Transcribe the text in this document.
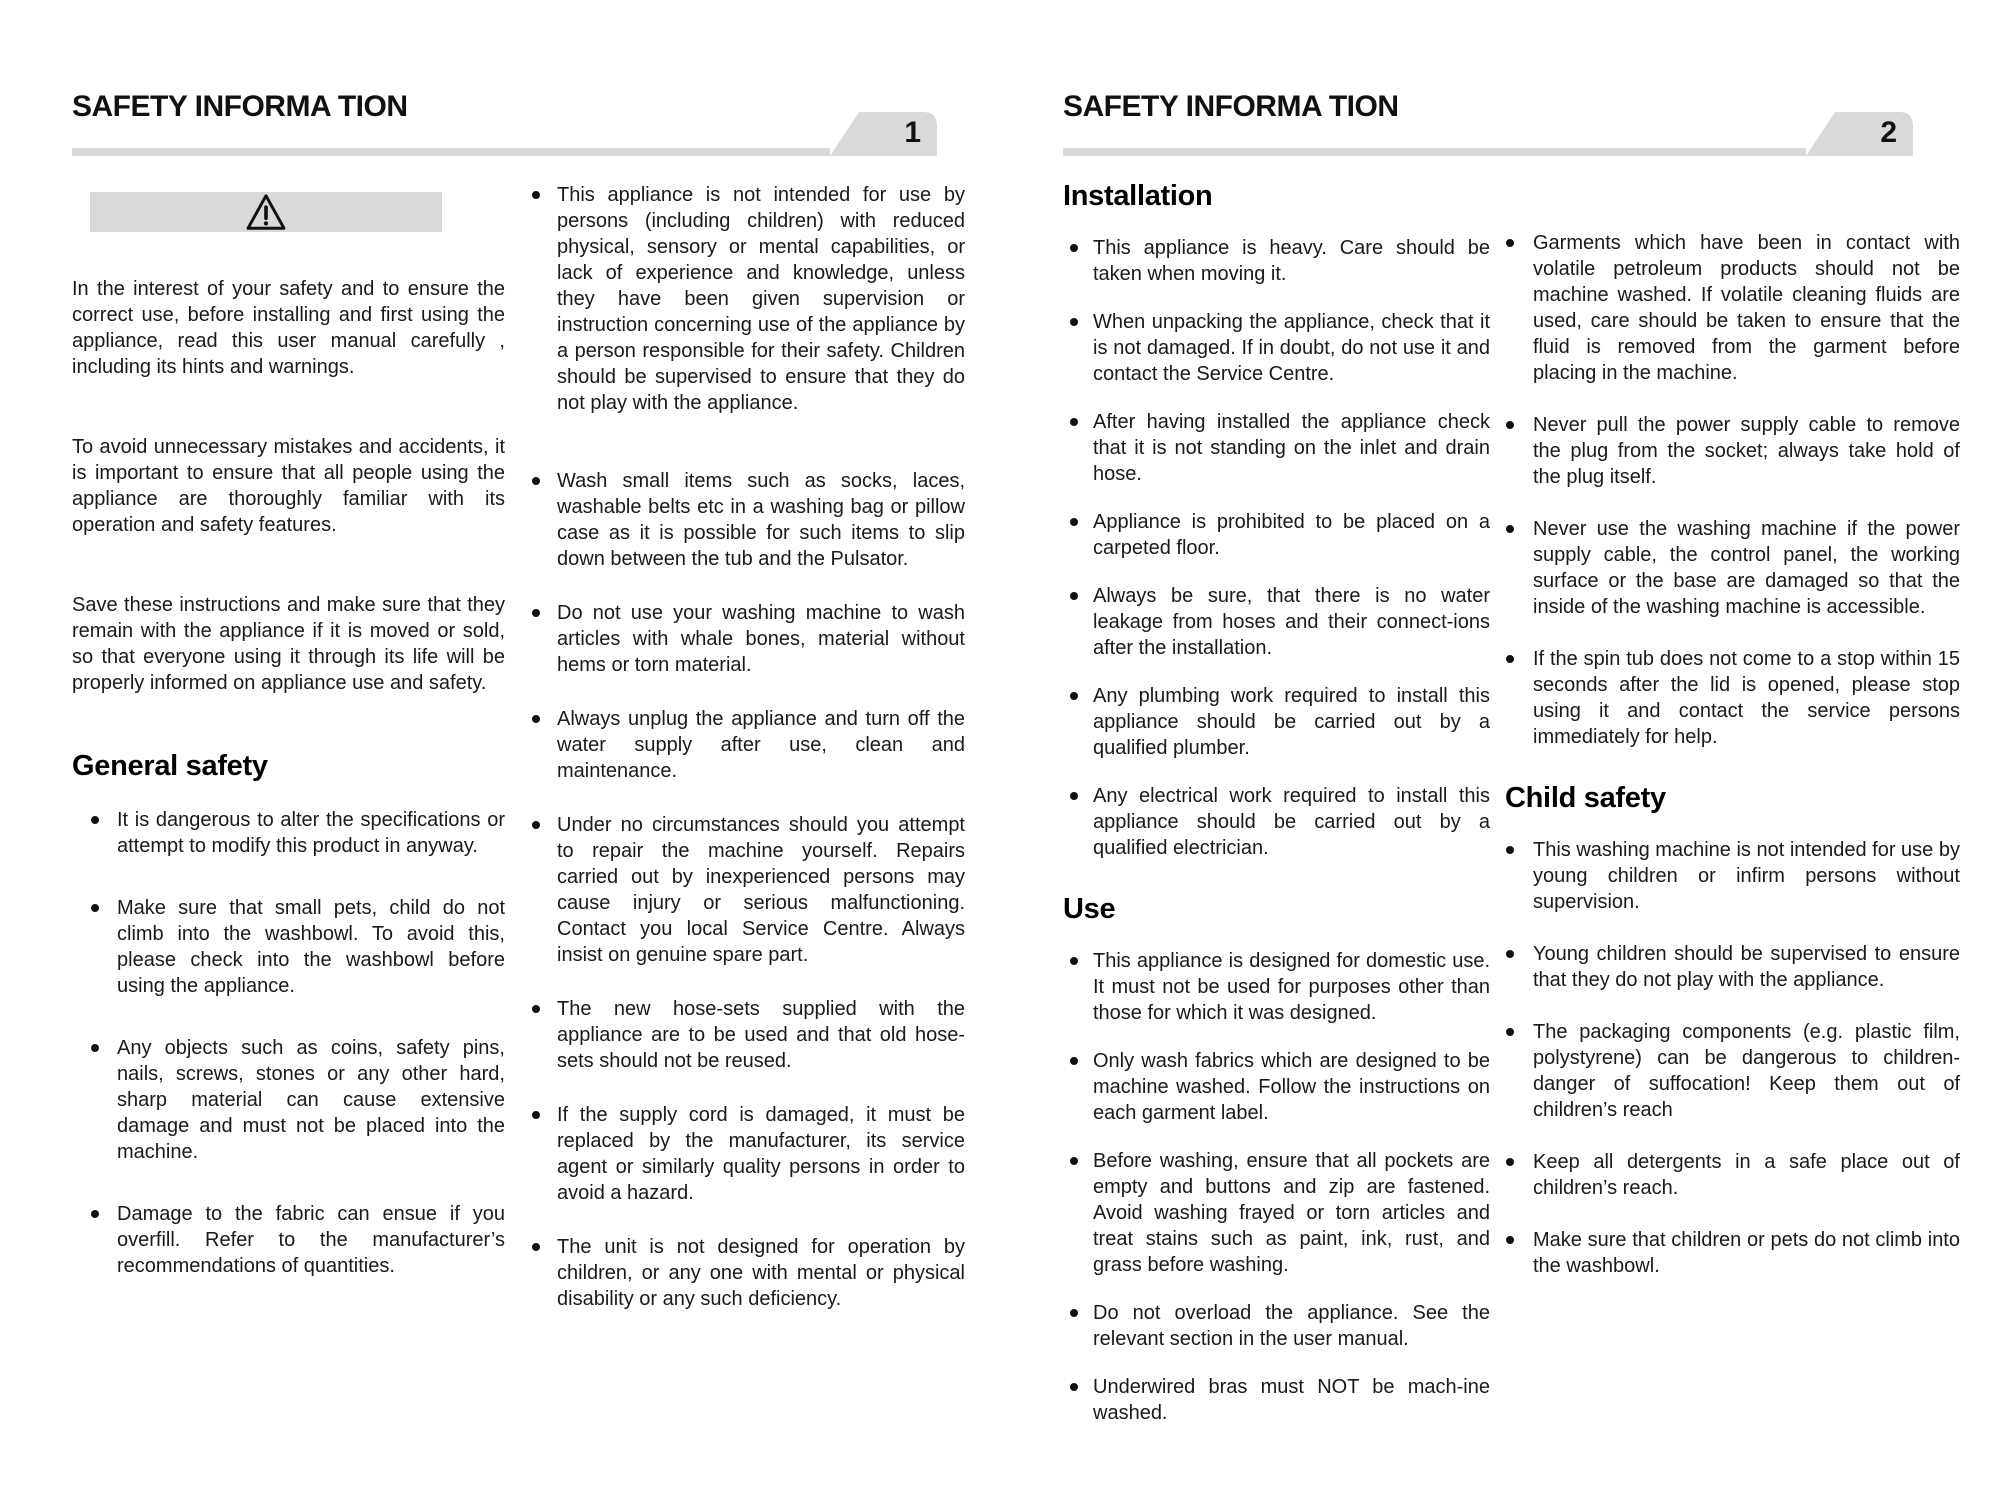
SAFETY INFORMA TION
1

In the interest of your safety and to ensure the correct use, before installing and first using the appliance, read this user manual carefully , including its hints and warnings.

To avoid unnecessary mistakes and accidents, it is important to ensure that all people using the appliance are thoroughly familiar with its operation and safety features.

Save these instructions and make sure that they remain with the appliance if it is moved or sold, so that everyone using it through its life will be properly informed on appliance use and safety.

General safety
It is dangerous to alter the specifications or attempt to modify this product in anyway.
Make sure that small pets, child do not climb into the washbowl. To avoid this, please check into the washbowl before using the appliance.
Any objects such as coins, safety pins, nails, screws, stones or any other hard, sharp material can cause extensive damage and must not be placed into the machine.
Damage to the fabric can ensue if you overfill. Refer to the manufacturer’s recommendations of quantities.
This appliance is not intended for use by persons (including children) with reduced physical, sensory or mental capabilities, or lack of experience and knowledge, unless they have been given supervision or instruction concerning use of the appliance by a person responsible for their safety. Children should be supervised to ensure that they do not play with the appliance.
Wash small items such as socks, laces, washable belts etc in a washing bag or pillow case as it is possible for such items to slip down between the tub and the Pulsator.
Do not use your washing machine to wash articles with whale bones, material without hems or torn material.
Always unplug the appliance and turn off the water supply after use, clean and maintenance.
Under no circumstances should you attempt to repair the machine yourself. Repairs carried out by inexperienced persons may cause injury or serious malfunctioning. Contact you local Service Centre. Always insist on genuine spare part.
The new hose-sets supplied with the appliance are to be used and that old hose-sets should not be reused.
If the supply cord is damaged, it must be replaced by the manufacturer, its service agent or similarly quality persons in order to avoid a hazard.
The unit is not designed for operation by children, or any one with mental or physical disability or any such deficiency.
SAFETY INFORMA TION
2
Installation
This appliance is heavy. Care should be taken when moving it.
When unpacking the appliance, check that it is not damaged. If in doubt, do not use it and contact the Service Centre.
After having installed the appliance check that it is not standing on the inlet and drain hose.
Appliance is prohibited to be placed on a carpeted floor.
Always be sure, that there is no water leakage from hoses and their connect-ions after the installation.
Any plumbing work required to install this appliance should be carried out by a qualified plumber.
Any electrical work required to install this appliance should be carried out by a qualified electrician.
Use
This appliance is designed for domestic use. It must not be used for purposes other than those for which it was designed.
Only wash fabrics which are designed to be machine washed. Follow the instructions on each garment label.
Before washing, ensure that all pockets are empty and buttons and zip are fastened. Avoid washing frayed or torn articles and treat stains such as paint, ink, rust, and grass before washing.
Do not overload the appliance. See the relevant section in the user manual.
Underwired bras must NOT be mach-ine washed.
Garments which have been in contact with volatile petroleum products should not be machine washed. If volatile cleaning fluids are used, care should be taken to ensure that the fluid is removed from the garment before placing in the machine.
Never pull the power supply cable to remove the plug from the socket; always take hold of the plug itself.
Never use the washing machine if the power supply cable, the control panel, the working surface or the base are damaged so that the inside of the washing machine is accessible.
If the spin tub does not come to a stop within 15 seconds after the lid is opened, please stop using it and contact the service persons immediately for help.
Child safety
This washing machine is not intended for use by young children or infirm persons without supervision.
Young children should be supervised to ensure that they do not play with the appliance.
The packaging components (e.g. plastic film, polystyrene) can be dangerous to children-danger of suffocation! Keep them out of children’s reach
Keep all detergents in a safe place out of children’s reach.
Make sure that children or pets do not climb into the washbowl.
